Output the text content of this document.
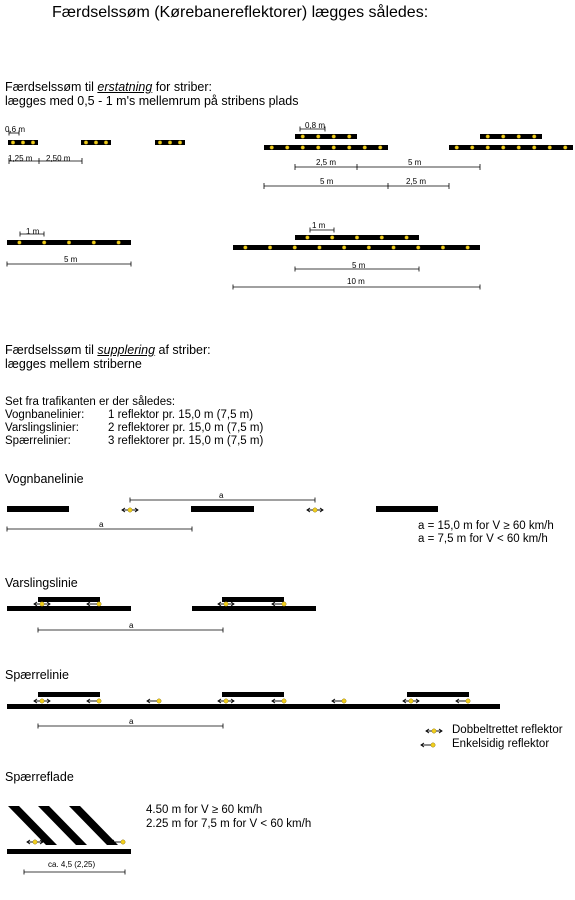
Færdselssøm (Kørebanereflektorer) lægges således:
Færdselssøm til erstatning for striber:
lægges med 0,5 - 1 m's mellemrum på stribens plads
0,6 m
1,25 m 2,50 m
0,8 m
2,5 m	5 m
5 m	2,5 m
1 m
5 m
1 m
5 m
10 m
Færdselssøm til supplering af striber:
lægges mellem striberne
Set fra trafikanten er der således:
Vognbanelinier: 1 reflektor pr. 15,0 m (7,5 m)
Varslingslinier:	2 reflektorer pr. 15,0 m (7,5 m)
Spærrelinier:	3 reflektorer pr. 15,0 m (7,5 m)
Vognbanelinie
Varslingslinie
Spærrelinie
Spærreflade
a
a
a
a
a = 15,0 m for V ≥ 60 km/h
a = 7,5 m for V < 60 km/h
Dobbeltrettet reflektor
Enkelsidig reflektor
4.50 m for V ≥ 60 km/h
2.25 m for 7,5 m for V < 60 km/h
ca. 4,5 (2,25)
